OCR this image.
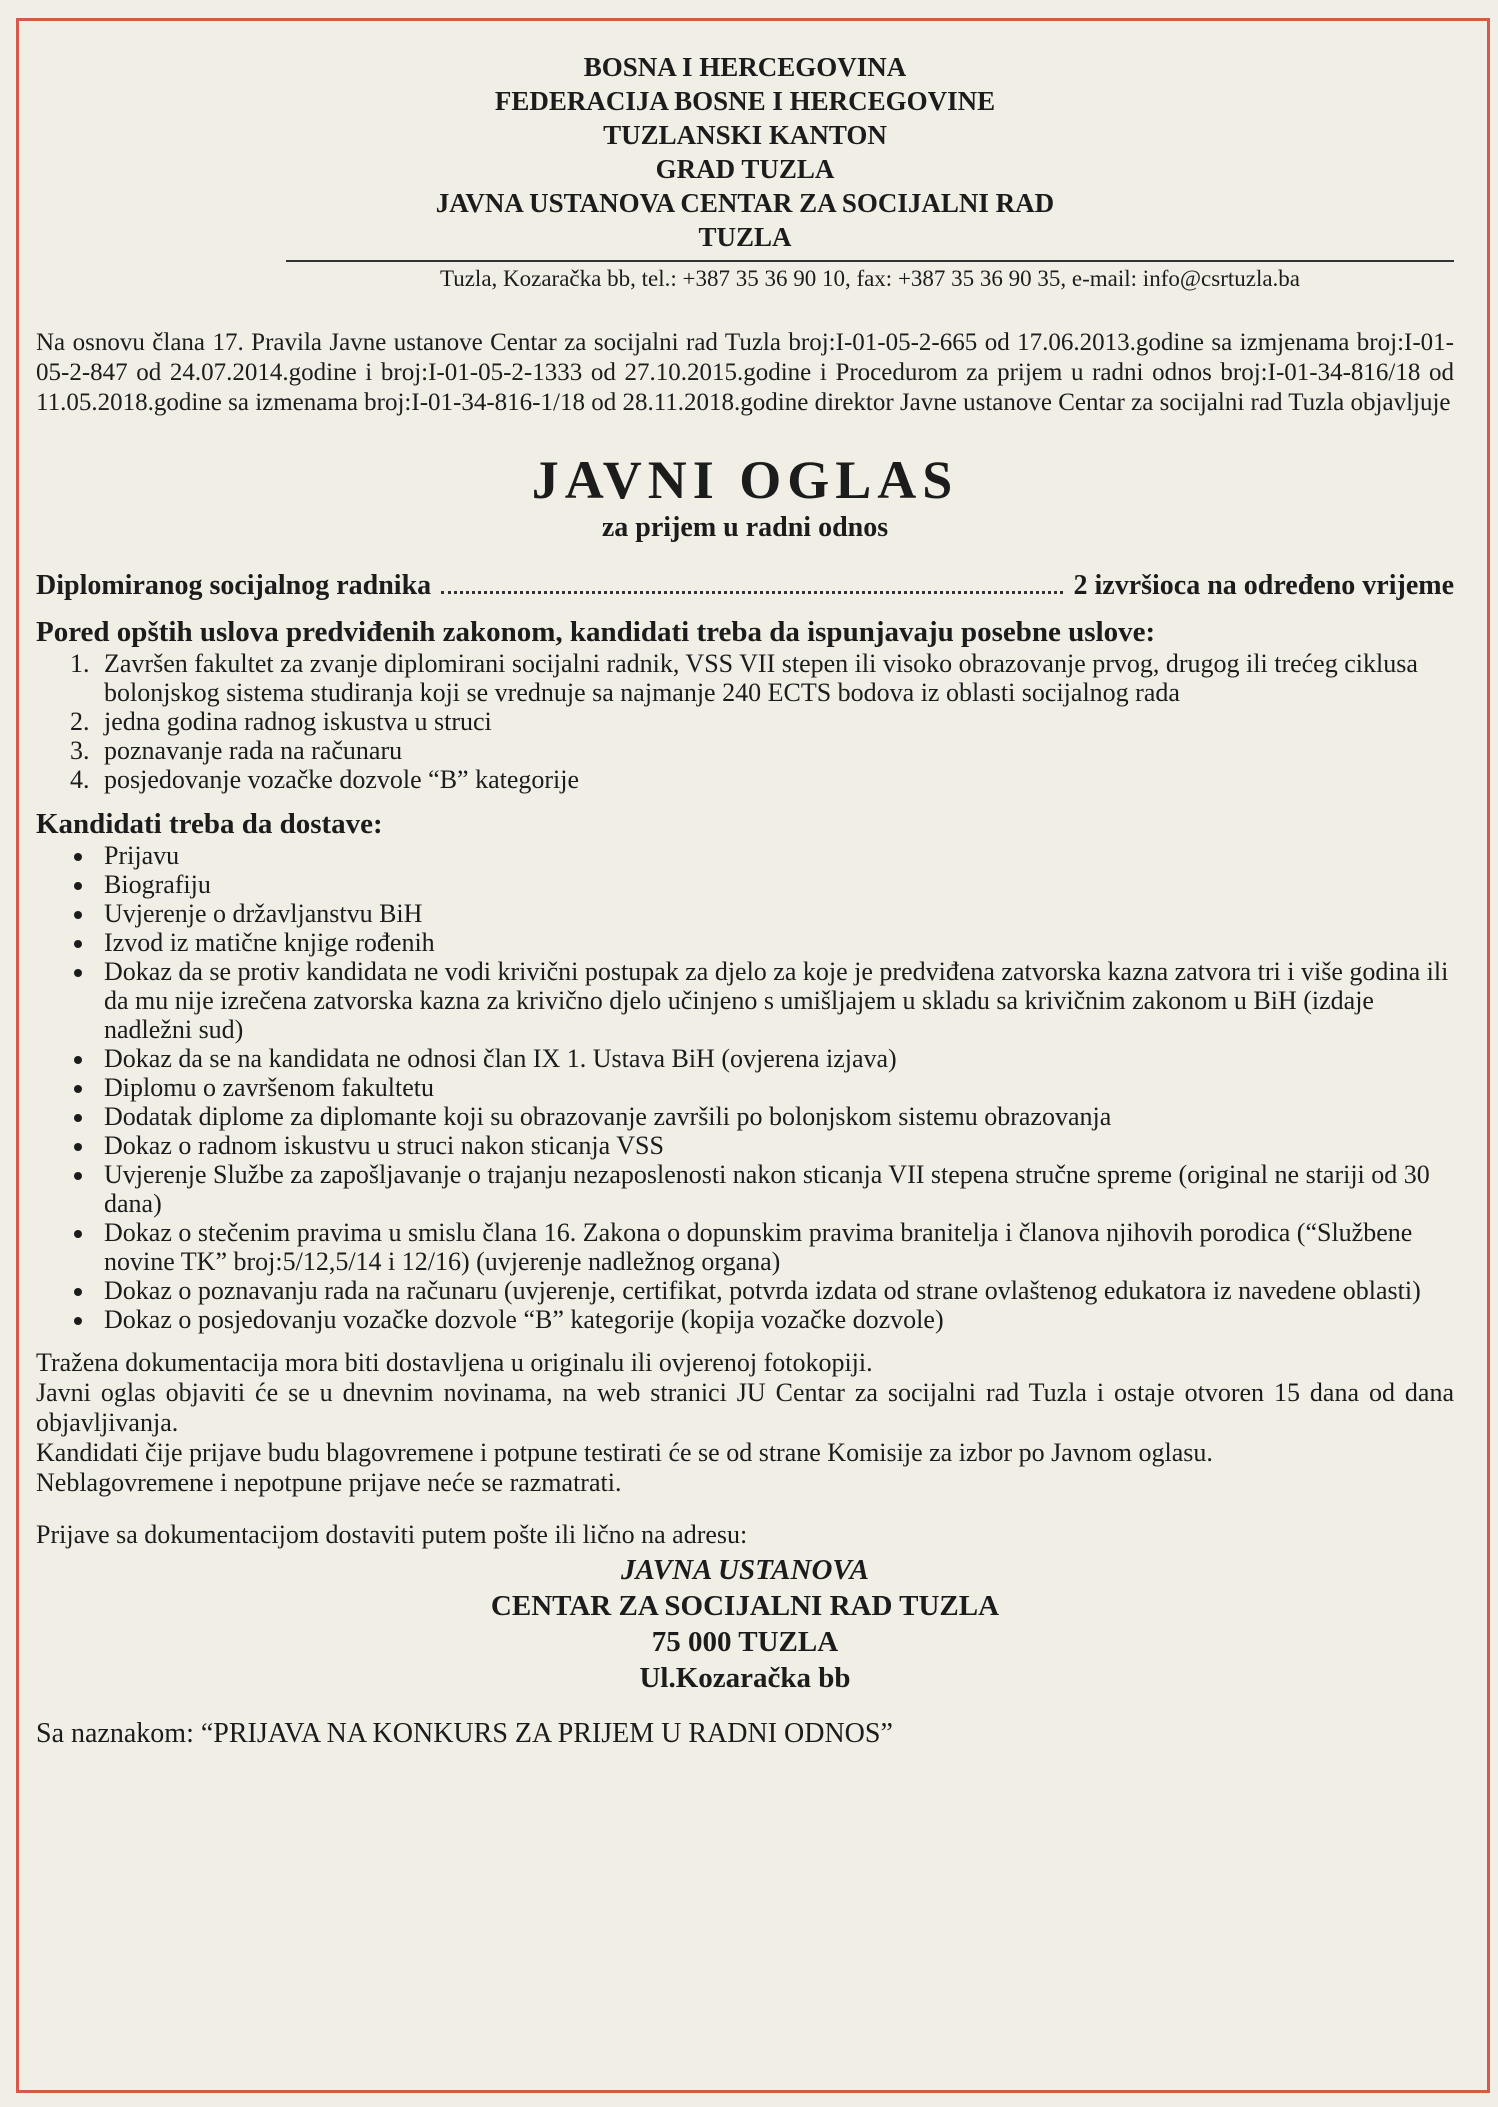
BOSNA I HERCEGOVINA
FEDERACIJA BOSNE I HERCEGOVINE
TUZLANSKI KANTON
GRAD TUZLA
JAVNA USTANOVA CENTAR ZA SOCIJALNI RAD
TUZLA
Tuzla, Kozaračka bb, tel.: +387 35 36 90 10, fax: +387 35 36 90 35, e-mail: info@csrtuzla.ba
Na osnovu člana 17. Pravila Javne ustanove Centar za socijalni rad Tuzla broj:I-01-05-2-665 od 17.06.2013.godine sa izmjenama broj:I-01-05-2-847 od 24.07.2014.godine i broj:I-01-05-2-1333 od 27.10.2015.godine i Procedurom za prijem u radni odnos broj:I-01-34-816/18 od 11.05.2018.godine sa izmenama broj:I-01-34-816-1/18 od 28.11.2018.godine direktor Javne ustanove Centar za socijalni rad Tuzla objavljuje
JAVNI OGLAS
za prijem u radni odnos
Diplomiranog socijalnog radnika	2 izvršioca na određeno vrijeme
Pored opštih uslova predviđenih zakonom, kandidati treba da ispunjavaju posebne uslove:
1. Završen fakultet za zvanje diplomirani socijalni radnik, VSS VII stepen ili visoko obrazovanje prvog, drugog ili trećeg ciklusa bolonjskog sistema studiranja koji se vrednuje sa najmanje 240 ECTS bodova iz oblasti socijalnog rada
2. jedna godina radnog iskustva u struci
3. poznavanje rada na računaru
4. posjedovanje vozačke dozvole “B” kategorije
Kandidati treba da dostave:
• Prijavu
• Biografiju
• Uvjerenje o državljanstvu BiH
• Izvod iz matične knjige rođenih
• Dokaz da se protiv kandidata ne vodi krivični postupak za djelo za koje je predviđena zatvorska kazna zatvora tri i više godina ili da mu nije izrečena zatvorska kazna za krivično djelo učinjeno s umišljajem u skladu sa krivičnim zakonom u BiH (izdaje nadležni sud)
• Dokaz da se na kandidata ne odnosi član IX 1. Ustava BiH (ovjerena izjava)
• Diplomu o završenom fakultetu
• Dodatak diplome za diplomante koji su obrazovanje završili po bolonjskom sistemu obrazovanja
• Dokaz o radnom iskustvu u struci nakon sticanja VSS
• Uvjerenje Službe za zapošljavanje o trajanju nezaposlenosti nakon sticanja VII stepena stručne spreme (original ne stariji od 30 dana)
• Dokaz o stečenim pravima u smislu člana 16. Zakona o dopunskim pravima branitelja i članova njihovih porodica (“Službene novine TK” broj:5/12,5/14 i 12/16) (uvjerenje nadležnog organa)
• Dokaz o poznavanju rada na računaru (uvjerenje, certifikat, potvrda izdata od strane ovlaštenog edukatora iz navedene oblasti)
• Dokaz o posjedovanju vozačke dozvole “B” kategorije (kopija vozačke dozvole)

Tražena dokumentacija mora biti dostavljena u originalu ili ovjerenoj fotokopiji.

Javni oglas objaviti će se u dnevnim novinama, na web stranici JU Centar za socijalni rad Tuzla i ostaje otvoren 15 dana od dana objavljivanja.

Kandidati čije prijave budu blagovremene i potpune testirati će se od strane Komisije za izbor po Javnom oglasu.

Neblagovremene i nepotpune prijave neće se razmatrati.

Prijave sa dokumentacijom dostaviti putem pošte ili lično na adresu:
JAVNA USTANOVA
CENTAR ZA SOCIJALNI RAD TUZLA
75 000 TUZLA
Ul.Kozaračka bb
Sa naznakom: “PRIJAVA NA KONKURS ZA PRIJEM U RADNI ODNOS”
